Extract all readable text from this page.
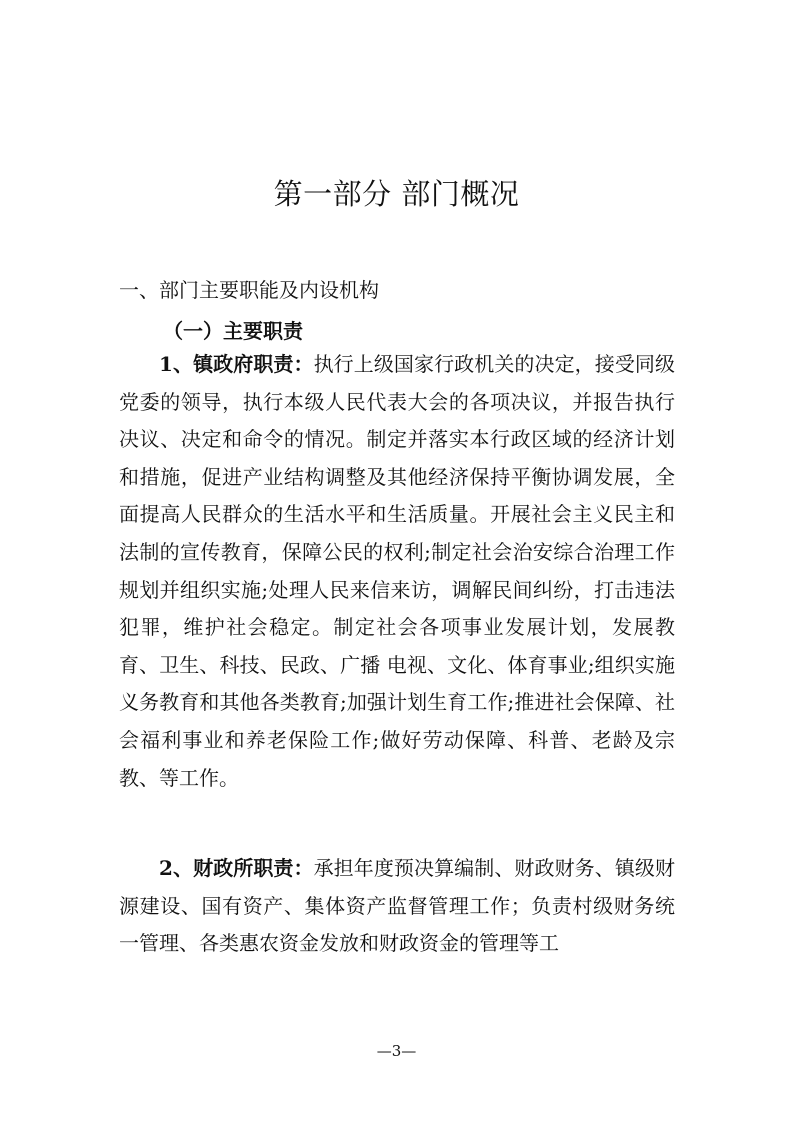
第一部分 部门概况
一、部门主要职能及内设机构
（一）主要职责

1、镇政府职责：执行上级国家行政机关的决定，接受同级党委的领导，执行本级人民代表大会的各项决议，并报告执行决议、决定和命令的情况。制定并落实本行政区域的经济计划和措施，促进产业结构调整及其他经济保持平衡协调发展，全面提高人民群众的生活水平和生活质量。开展社会主义民主和法制的宣传教育，保障公民的权利;制定社会治安综合治理工作规划并组织实施;处理人民来信来访，调解民间纠纷，打击违法犯罪，维护社会稳定。制定社会各项事业发展计划，发展教育、卫生、科技、民政、广播 电视、文化、体育事业;组织实施义务教育和其他各类教育;加强计划生育工作;推进社会保障、社会福利事业和养老保险工作;做好劳动保障、科普、老龄及宗教、等工作。

2、财政所职责：承担年度预决算编制、财政财务、镇级财源建设、国有资产、集体资产监督管理工作；负责村级财务统一管理、各类惠农资金发放和财政资金的管理等工

—3—
